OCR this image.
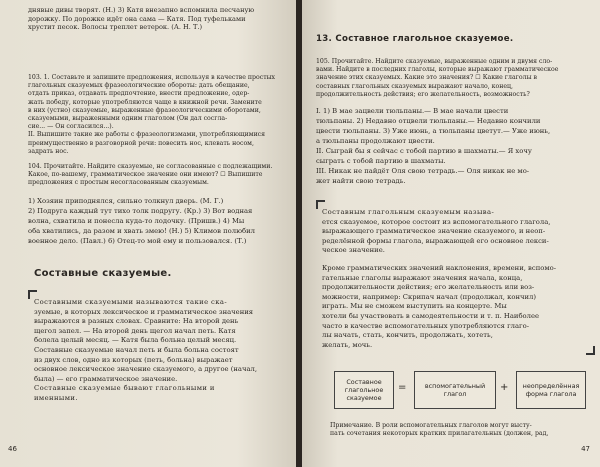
днявые дивы творят. (Н.) 3) Катя внезапно вспомнила песчаную

дорожку. По дорожке идёт она сама — Катя. Под туфельками

хрустит песок. Волосы треплет ветерок. (А. Н. Т.)

103. 1. Составьте и запишите предложения, используя в качестве простых

глагольных сказуемых фразеологические обороты: дать обещание,

отдать приказ, отдавать предпочтение, внести предложение, одер-

жать победу, которые употребляются чаще в книжной речи. Замените

в них (устно) сказуемые, выраженные фразеологическими оборотами,

сказуемыми, выраженными одним глаголом (Он дал сосгла-

сие... — Он согласился...).

II. Выпишите такие же работы с фразеологизмами, употребляющимися

преимущественно в разговорной речи: повесить нос, клевать носом,

задрать нос.

104. Прочитайте. Найдите сказуемые, не согласованные с подлежащими.

Какое, по-вашему, грамматическое значение они имеют? ☐ Выпишите

предложения с простым несогласованным сказуемым.

1) Хозяин приподнялся, сильно толкнул дверь. (М. Г.)

2) Подруга каждый тут тихо толк подругу. (Кр.) 3) Вот водная

волна, схватила и понесла куда-то лодочку. (Пришв.) 4) Мы

оба хватились, да разом и хвать змею! (Н.) 5) Климов полюбил

военное дело. (Павл.) 6) Отец-то мой ему и пользовался. (Т.)

Составные сказуемые.

Составными сказуемыми называются такие ска-

зуемые, в которых лексическое и грамматическое значения

выражаются в разных словах. Сравните: На второй день

щегол запел. — На второй день щегол начал петь. Катя

болела целый месяц. — Катя была больна целый месяц.

Составные сказуемые начал петь и была больна состоят

из двух слов, одно из которых (петь, больна) выражает

основное лексическое значение сказуемого, а другое (начал,

была) — его грамматическое значение.

Составные сказуемые бывают глагольными и

именными.

46
13. Составное глагольное сказуемое.

105. Прочитайте. Найдите сказуемые, выраженные одним и двумя сло-

вами. Найдите в последних глаголы, которые выражают грамматическое

значение этих сказуемых. Какие это значения? ☐ Какие глаголы в

составных глагольных сказуемых выражают начало, конец,

продолжительность действия; его желательность, возможность?

I. 1) В мае зацвели тюльпаны.— В мае начали цвести

тюльпаны. 2) Недавно отцвели тюльпаны.— Недавно кончили

цвести тюльпаны. 3) Уже июнь, а тюльпаны цветут.— Уже июнь,

а тюльпаны продолжают цвести.

II. Сыграй бы я сейчас с тобой партию в шахматы.— Я хочу

сыграть с тобой партию в шахматы.

III. Никак не пайдёт Оля свою тетрадь.— Оля никак не мо-

жет найти свою тетрадь.

Составным глагольным сказуемым называ-

ется сказуемое, которое состоит из вспомогательного глагола,

выражающего грамматическое значение сказуемого, и неоп-

ределённой формы глагола, выражающей его основное лекси-

ческое значение.

Кроме грамматических значений наклонения, времени, вспомо-

гательные глаголы выражают значения начала, конца,

продолжительности действия; его желательность или воз-

можности, например: Скрипач начал (продолжал, кончил)

играть. Мы не сможем выступить на концерте. Мы

хотели бы участвовать в самодеятельности и т. п. Наиболее

часто в качестве вспомогательных употребляются глаго-

лы начать, стать, кончить, продолжать, хотеть,

желать, мочь.

Составное глагольное сказуемое
=	вспомогательный глагол
+	неопределённая форма глагола

Примечание. В роли вспомогательных глаголов могут высту-

пать сочетания некоторых кратких прилагательных (должен, рад,

47
